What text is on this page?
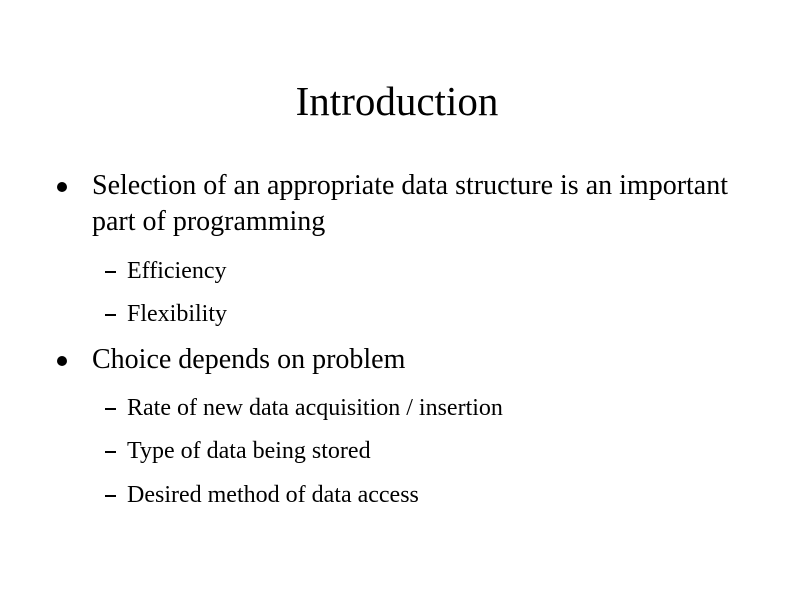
Introduction
Selection of an appropriate data structure is an important part of programming
Efficiency
Flexibility
Choice depends on problem
Rate of new data acquisition / insertion
Type of data being stored
Desired method of data access
